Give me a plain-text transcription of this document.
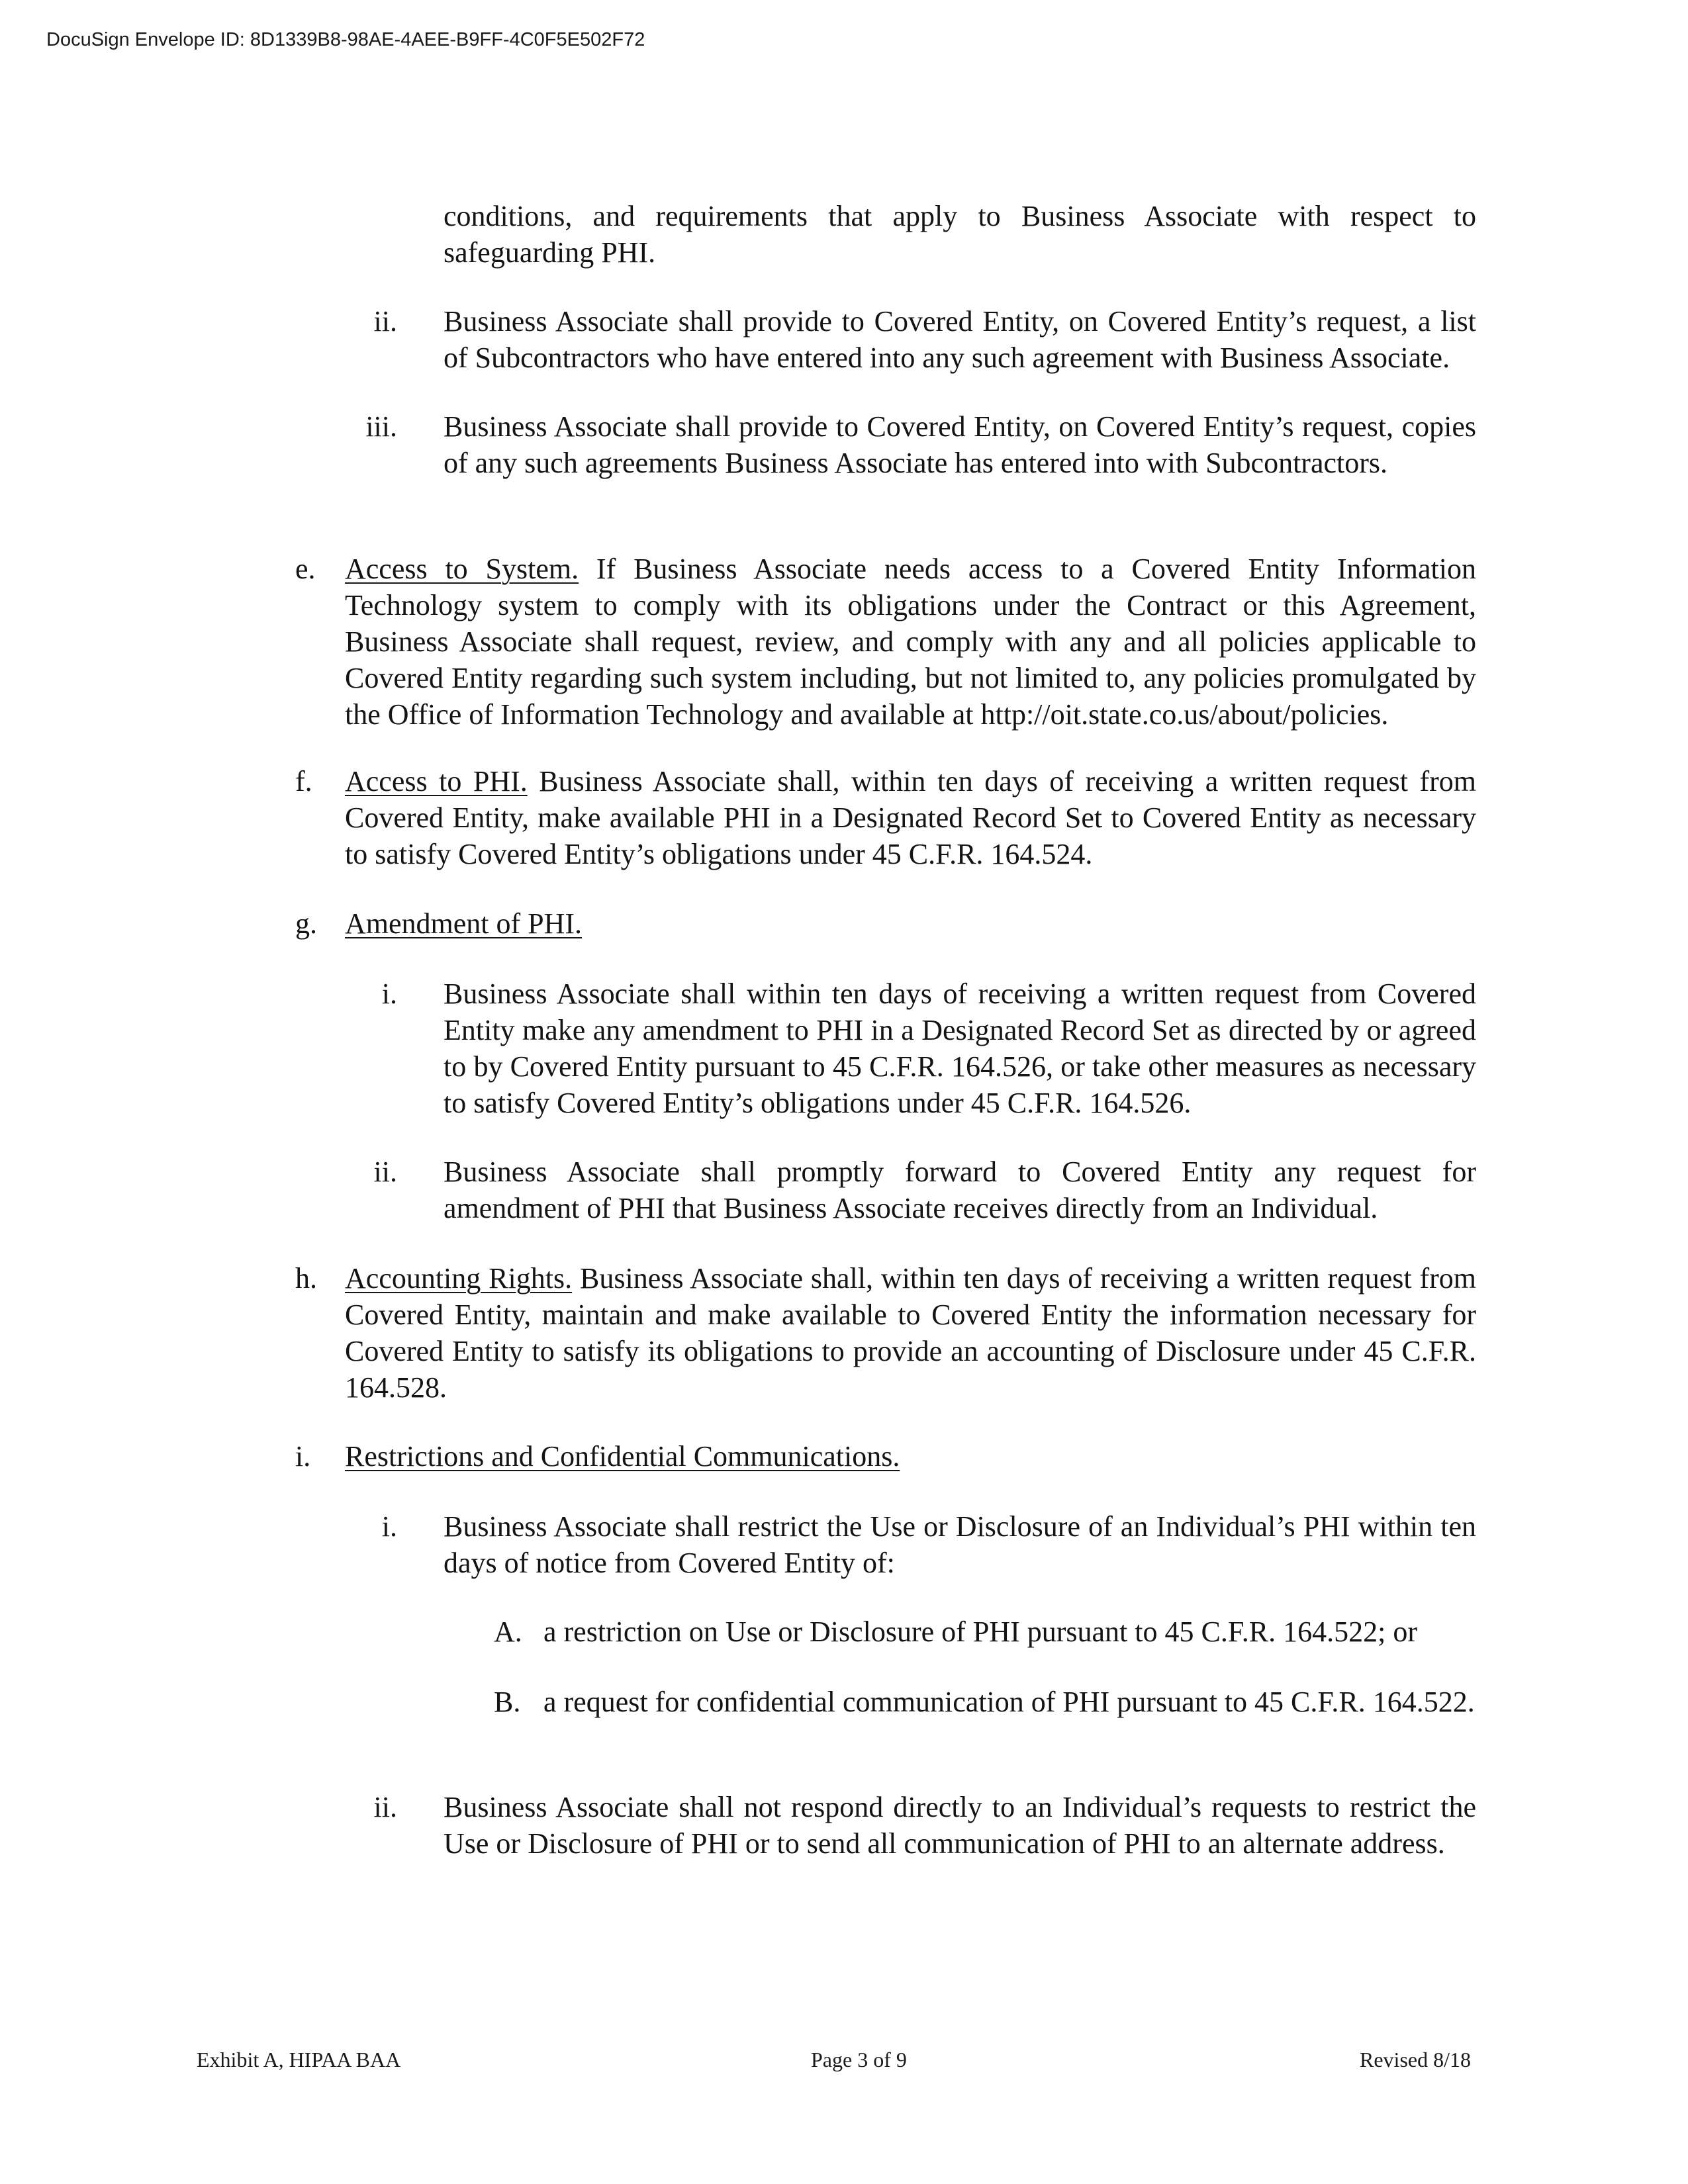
DocuSign Envelope ID: 8D1339B8-98AE-4AEE-B9FF-4C0F5E502F72

conditions, and requirements that apply to Business Associate with respect to safeguarding PHI.

ii. Business Associate shall provide to Covered Entity, on Covered Entity’s request, a list of Subcontractors who have entered into any such agreement with Business Associate.

iii. Business Associate shall provide to Covered Entity, on Covered Entity’s request, copies of any such agreements Business Associate has entered into with Subcontractors.

e. Access to System. If Business Associate needs access to a Covered Entity Information Technology system to comply with its obligations under the Contract or this Agreement, Business Associate shall request, review, and comply with any and all policies applicable to Covered Entity regarding such system including, but not limited to, any policies promulgated by the Office of Information Technology and available at http://oit.state.co.us/about/policies.

f. Access to PHI. Business Associate shall, within ten days of receiving a written request from Covered Entity, make available PHI in a Designated Record Set to Covered Entity as necessary to satisfy Covered Entity’s obligations under 45 C.F.R. 164.524.

g. Amendment of PHI.

i. Business Associate shall within ten days of receiving a written request from Covered Entity make any amendment to PHI in a Designated Record Set as directed by or agreed to by Covered Entity pursuant to 45 C.F.R. 164.526, or take other measures as necessary to satisfy Covered Entity’s obligations under 45 C.F.R. 164.526.

ii. Business Associate shall promptly forward to Covered Entity any request for amendment of PHI that Business Associate receives directly from an Individual.

h. Accounting Rights. Business Associate shall, within ten days of receiving a written request from Covered Entity, maintain and make available to Covered Entity the information necessary for Covered Entity to satisfy its obligations to provide an accounting of Disclosure under 45 C.F.R. 164.528.

i. Restrictions and Confidential Communications.

i. Business Associate shall restrict the Use or Disclosure of an Individual’s PHI within ten days of notice from Covered Entity of:

A. a restriction on Use or Disclosure of PHI pursuant to 45 C.F.R. 164.522; or

B. a request for confidential communication of PHI pursuant to 45 C.F.R. 164.522.

ii. Business Associate shall not respond directly to an Individual’s requests to restrict the Use or Disclosure of PHI or to send all communication of PHI to an alternate address.

Exhibit A, HIPAA BAA	Page 3 of 9	Revised 8/18
